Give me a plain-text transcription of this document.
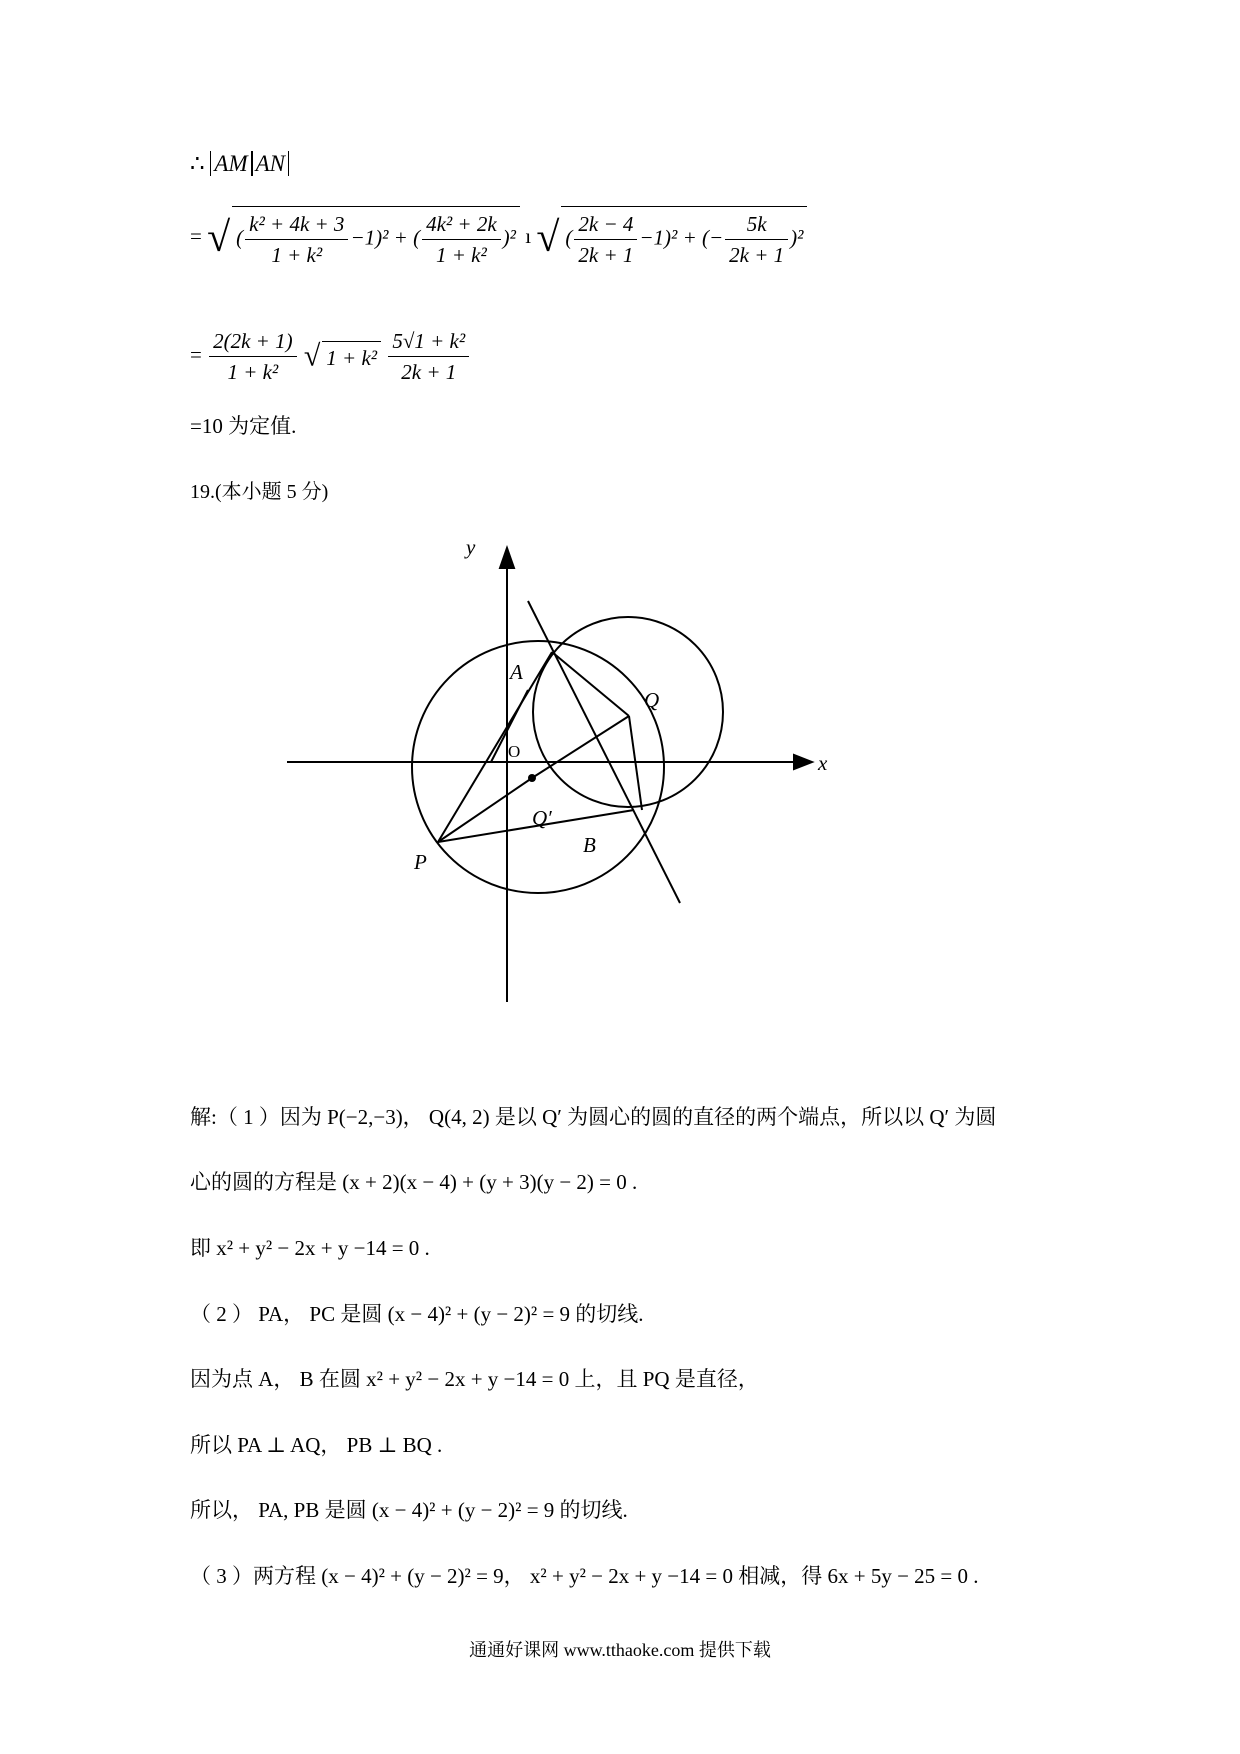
∴ AM AN
= √( $\frac{\text{k² + 4k + 3}}{\text{1 + k²}} -1)^2$ + ( $\frac{\text{4k² + 2k}}{\text{1 + k²}} )^2$ ı √( $\frac{2k - 4}{2k + 1} -1)^2$ + (− $\frac{5k}{2k + 1} )^2$
= $\frac{2(2k + 1)}{\text{1 + k²}}$ √ $1 + k^2 \frac{\text{5√1 + k²}}{2k + 1}$
=10 为定值.
19.(本小题 5 分)
y
x
A
Q
O
Q′
P
B
解:（ 1 ）因为 P(−2,−3)， Q(4, 2) 是以 Q′ 为圆心的圆的直径的两个端点，所以以 Q′ 为圆
心的圆的方程是 (x + 2)(x − 4) + (y + 3)(y − 2) = 0 .
即 x² + y² − 2x + y −14 = 0 .
（ 2 ） PA， PC 是圆 (x − 4)² + (y − 2)² = 9 的切线.
因为点 A， B 在圆 x² + y² − 2x + y −14 = 0 上，且 PQ 是直径，
所以 PA ⊥ AQ， PB ⊥ BQ .
所以， PA, PB 是圆 (x − 4)² + (y − 2)² = 9 的切线.
（ 3 ）两方程 (x − 4)² + (y − 2)² = 9， x² + y² − 2x + y −14 = 0 相减，得 6x + 5y − 25 = 0 .
通通好课网 www.tthaoke.com 提供下载
